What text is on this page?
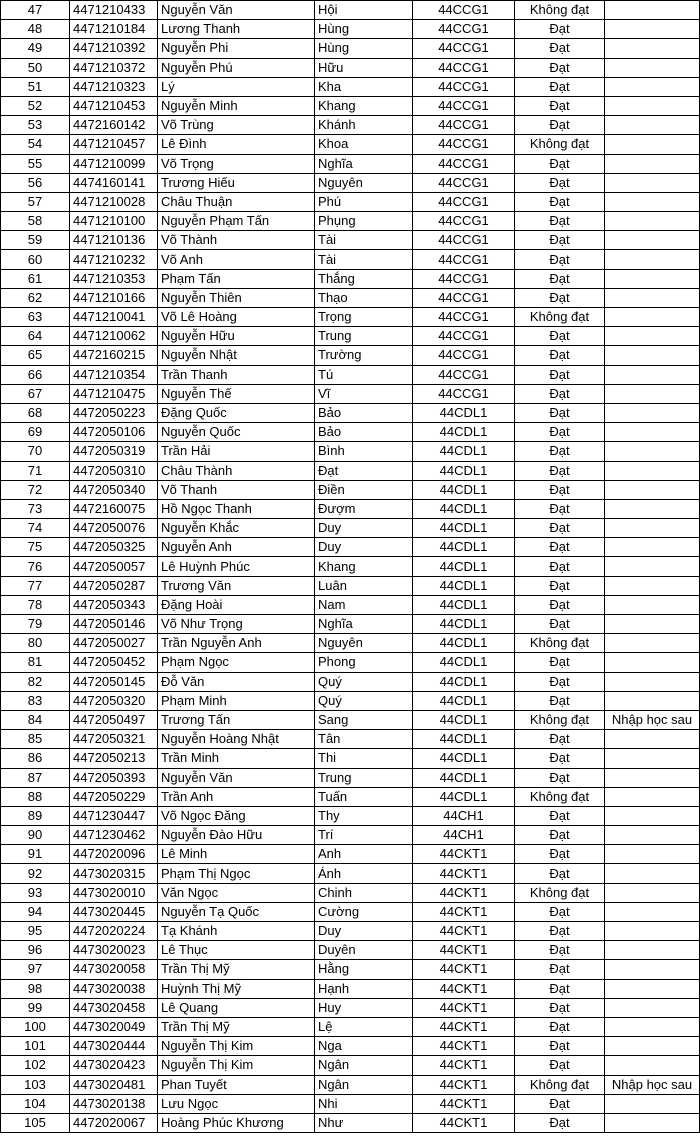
47	4471210433	Nguyễn Văn	Hội	44CCG1	Không đạt	
48	4471210184	Lương Thanh	Hùng	44CCG1	Đạt	
49	4471210392	Nguyễn Phi	Hùng	44CCG1	Đạt	
50	4471210372	Nguyễn Phú	Hữu	44CCG1	Đạt	
51	4471210323	Lý	Kha	44CCG1	Đạt	
52	4471210453	Nguyễn Minh	Khang	44CCG1	Đạt	
53	4472160142	Võ Trùng	Khánh	44CCG1	Đạt	
54	4471210457	Lê Đình	Khoa	44CCG1	Không đạt	
55	4471210099	Võ Trọng	Nghĩa	44CCG1	Đạt	
56	4474160141	Trương Hiếu	Nguyên	44CCG1	Đạt	
57	4471210028	Châu Thuận	Phú	44CCG1	Đạt	
58	4471210100	Nguyễn Phạm Tấn	Phụng	44CCG1	Đạt	
59	4471210136	Võ Thành	Tài	44CCG1	Đạt	
60	4471210232	Võ Anh	Tài	44CCG1	Đạt	
61	4471210353	Phạm Tấn	Thắng	44CCG1	Đạt	
62	4471210166	Nguyễn Thiên	Thạo	44CCG1	Đạt	
63	4471210041	Võ Lê Hoàng	Trọng	44CCG1	Không đạt	
64	4471210062	Nguyễn Hữu	Trung	44CCG1	Đạt	
65	4472160215	Nguyễn Nhật	Trường	44CCG1	Đạt	
66	4471210354	Trần Thanh	Tú	44CCG1	Đạt	
67	4471210475	Nguyễn Thế	Vĩ	44CCG1	Đạt	
68	4472050223	Đặng Quốc	Bảo	44CDL1	Đạt	
69	4472050106	Nguyễn Quốc	Bảo	44CDL1	Đạt	
70	4472050319	Trần Hải	Bình	44CDL1	Đạt	
71	4472050310	Châu Thành	Đạt	44CDL1	Đạt	
72	4472050340	Võ Thanh	Điền	44CDL1	Đạt	
73	4472160075	Hồ Ngọc Thanh	Đượm	44CDL1	Đạt	
74	4472050076	Nguyễn Khắc	Duy	44CDL1	Đạt	
75	4472050325	Nguyễn Anh	Duy	44CDL1	Đạt	
76	4472050057	Lê Huỳnh Phúc	Khang	44CDL1	Đạt	
77	4472050287	Trương Văn	Luân	44CDL1	Đạt	
78	4472050343	Đặng Hoài	Nam	44CDL1	Đạt	
79	4472050146	Võ Như Trọng	Nghĩa	44CDL1	Đạt	
80	4472050027	Trần Nguyễn Anh	Nguyên	44CDL1	Không đạt	
81	4472050452	Phạm Ngọc	Phong	44CDL1	Đạt	
82	4472050145	Đỗ Văn	Quý	44CDL1	Đạt	
83	4472050320	Phạm Minh	Quý	44CDL1	Đạt	
84	4472050497	Trương Tấn	Sang	44CDL1	Không đạt	Nhập học sau
85	4472050321	Nguyễn Hoàng Nhật	Tân	44CDL1	Đạt	
86	4472050213	Trần Minh	Thi	44CDL1	Đạt	
87	4472050393	Nguyễn Văn	Trung	44CDL1	Đạt	
88	4472050229	Trần Anh	Tuấn	44CDL1	Không đạt	
89	4471230447	Võ Ngọc Đăng	Thy	44CH1	Đạt	
90	4471230462	Nguyễn Đào Hữu	Trí	44CH1	Đạt	
91	4472020096	Lê Minh	Anh	44CKT1	Đạt	
92	4473020315	Phạm Thị Ngọc	Ánh	44CKT1	Đạt	
93	4473020010	Văn Ngọc	Chinh	44CKT1	Không đạt	
94	4473020445	Nguyễn Tạ Quốc	Cường	44CKT1	Đạt	
95	4472020224	Tạ Khánh	Duy	44CKT1	Đạt	
96	4473020023	Lê Thục	Duyên	44CKT1	Đạt	
97	4473020058	Trần Thị Mỹ	Hằng	44CKT1	Đạt	
98	4473020038	Huỳnh Thị Mỹ	Hạnh	44CKT1	Đạt	
99	4473020458	Lê Quang	Huy	44CKT1	Đạt	
100	4473020049	Trần Thị Mỹ	Lệ	44CKT1	Đạt	
101	4473020444	Nguyễn Thị Kim	Nga	44CKT1	Đạt	
102	4473020423	Nguyễn Thị Kim	Ngân	44CKT1	Đạt	
103	4473020481	Phan Tuyết	Ngân	44CKT1	Không đạt	Nhập học sau
104	4473020138	Lưu Ngọc	Nhi	44CKT1	Đạt	
105	4472020067	Hoàng Phúc Khương	Như	44CKT1	Đạt	
